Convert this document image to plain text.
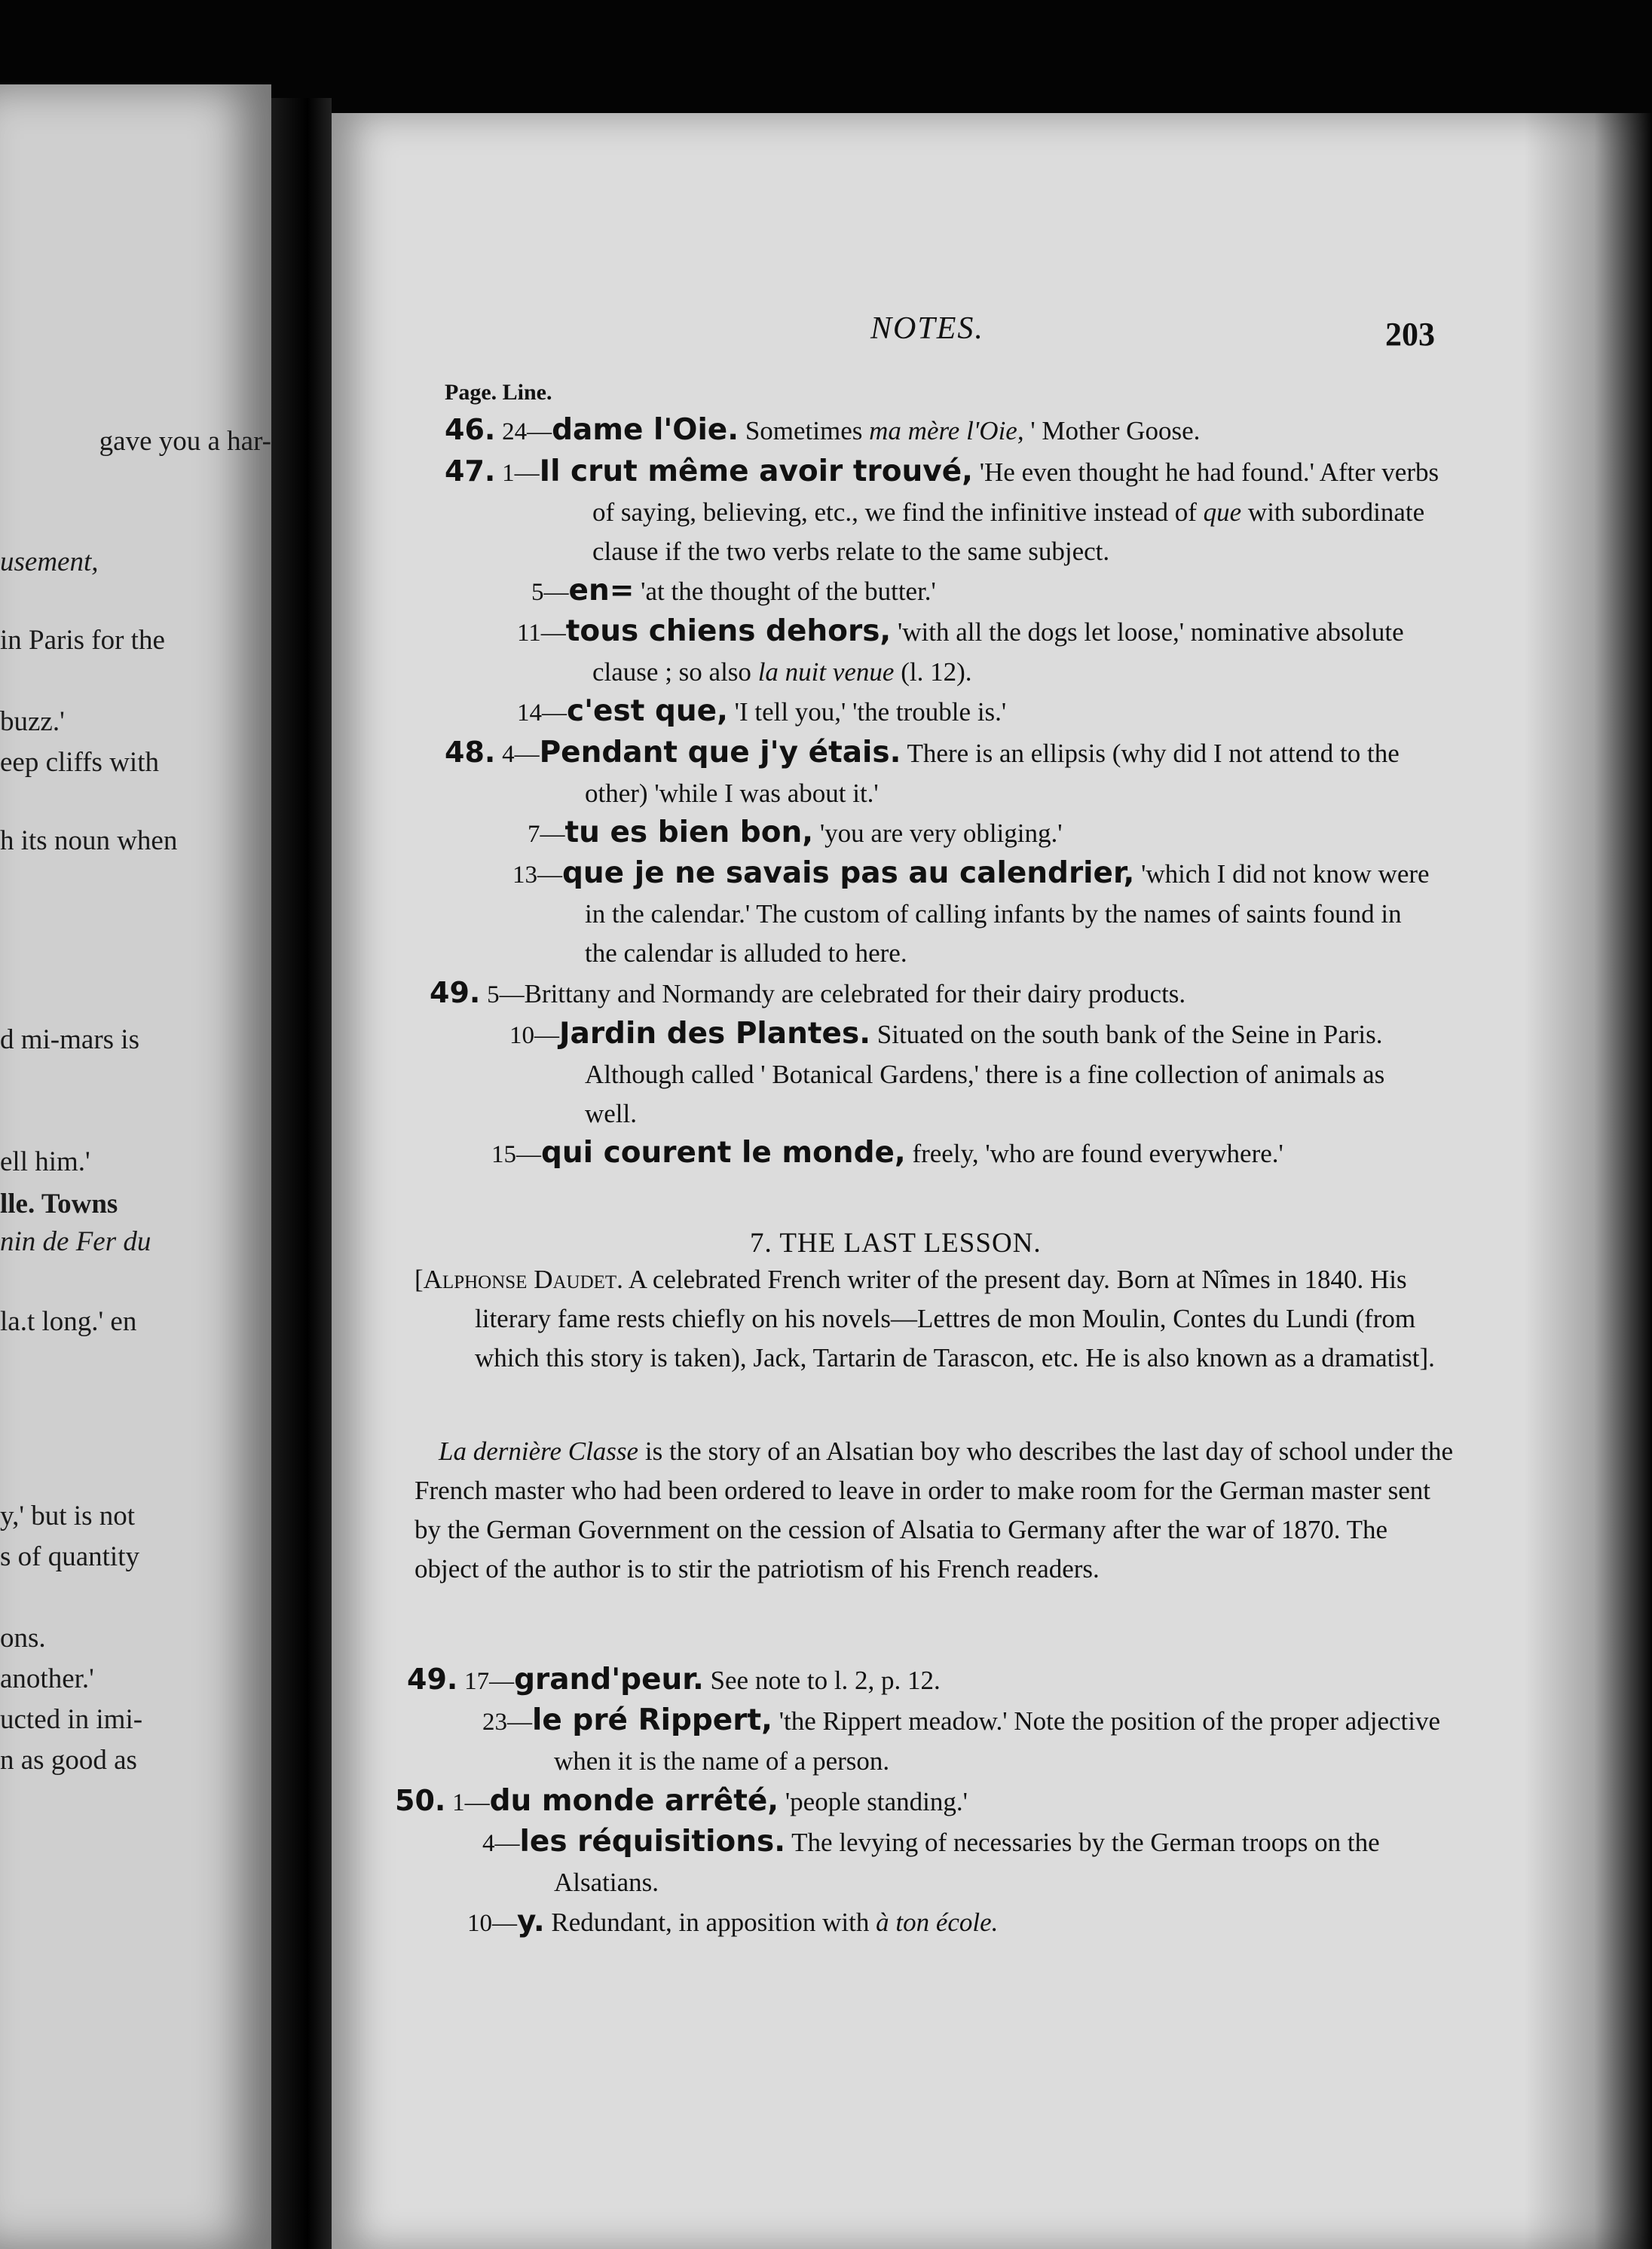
gave you a har-
usement,
in Paris for the
buzz.'
eep cliffs with
h its noun when
d mi-mars is
ell him.'
lle. Towns
nin de Fer du
la.t long.' en
y,' but is not
s of quantity
ons.
another.'
ucted in imi-
n as good as
NOTES.	203
Page. Line.
46. 24—dame l'Oie. Sometimes ma mère l'Oie, ' Mother Goose.
47. 1—Il crut même avoir trouvé, 'He even thought he had found.' After verbs of saying, believing, etc., we find the infinitive instead of que with subordinate clause if the two verbs relate to the same subject.
5—en= 'at the thought of the butter.'
11—tous chiens dehors, 'with all the dogs let loose,' nominative absolute clause ; so also la nuit venue (l. 12).
14—c'est que, 'I tell you,' 'the trouble is.'
48. 4—Pendant que j'y étais. There is an ellipsis (why did I not attend to the other) 'while I was about it.'
7—tu es bien bon, 'you are very obliging.'
13—que je ne savais pas au calendrier, 'which I did not know were in the calendar.' The custom of calling infants by the names of saints found in the calendar is alluded to here.
49. 5—Brittany and Normandy are celebrated for their dairy products.
10—Jardin des Plantes. Situated on the south bank of the Seine in Paris. Although called ' Botanical Gardens,' there is a fine collection of animals as well.
15—qui courent le monde, freely, 'who are found everywhere.'
7. THE LAST LESSON.
[Alphonse Daudet. A celebrated French writer of the present day. Born at Nîmes in 1840. His literary fame rests chiefly on his novels—Lettres de mon Moulin, Contes du Lundi (from which this story is taken), Jack, Tartarin de Tarascon, etc. He is also known as a dramatist].
La dernière Classe is the story of an Alsatian boy who describes the last day of school under the French master who had been ordered to leave in order to make room for the German master sent by the German Government on the cession of Alsatia to Germany after the war of 1870. The object of the author is to stir the patriotism of his French readers.
49. 17—grand'peur. See note to l. 2, p. 12.
23—le pré Rippert, 'the Rippert meadow.' Note the position of the proper adjective when it is the name of a person.
50. 1—du monde arrêté, 'people standing.'
4—les réquisitions. The levying of necessaries by the German troops on the Alsatians.
10—y. Redundant, in apposition with à ton école.
